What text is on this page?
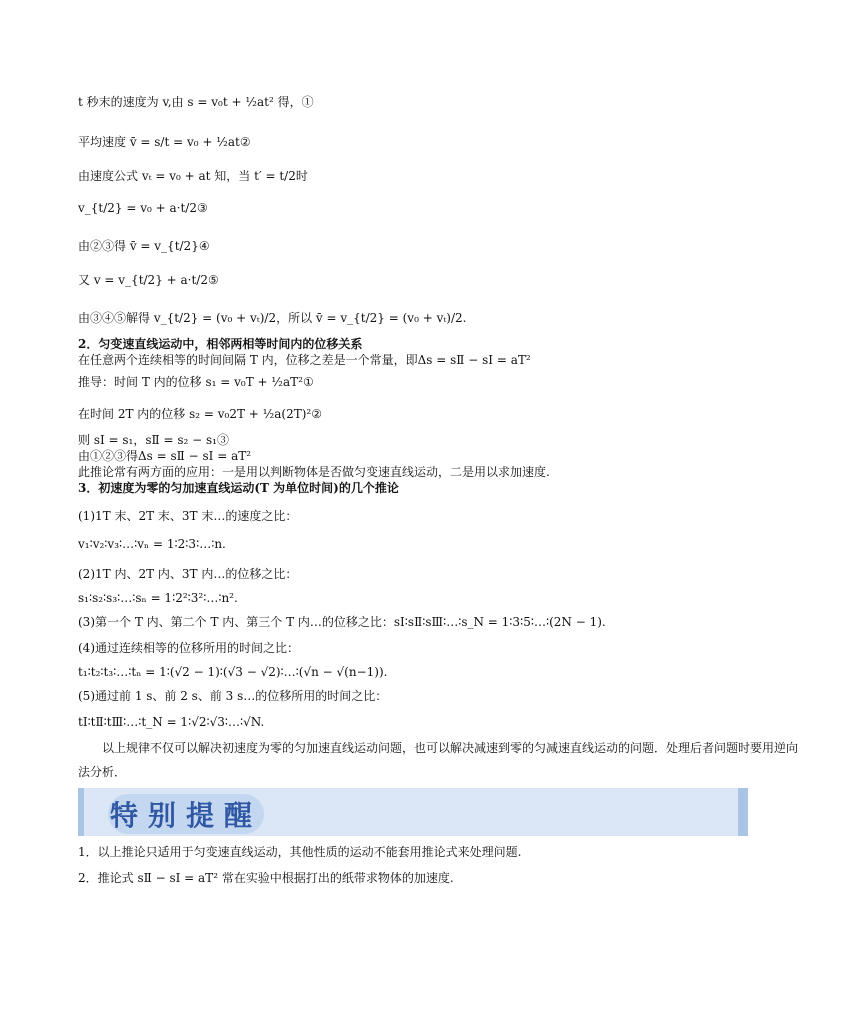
t 秒末的速度为 v,由 s = v₀t + ½at² 得，①
平均速度 v̄ = s/t = v₀ + ½at②
由速度公式 vₜ = v₀ + at 知，当 t′ = t/2时
v_{t/2} = v₀ + a·t/2③
由②③得 v̄ = v_{t/2}④
又 v = v_{t/2} + a·t/2⑤
由③④⑤解得 v_{t/2} = (v₀ + vₜ)/2，所以 v̄ = v_{t/2} = (v₀ + vₜ)/2.
2．匀变速直线运动中，相邻两相等时间内的位移关系
在任意两个连续相等的时间间隔 T 内，位移之差是一个常量，即Δs = sⅡ − sⅠ = aT²
推导：时间 T 内的位移 s₁ = v₀T + ½aT²①
在时间 2T 内的位移 s₂ = v₀2T + ½a(2T)²②
则 sⅠ = s₁，sⅡ = s₂ − s₁③
由①②③得Δs = sⅡ − sⅠ = aT²
此推论常有两方面的应用：一是用以判断物体是否做匀变速直线运动，二是用以求加速度.
3．初速度为零的匀加速直线运动(T 为单位时间)的几个推论
(1)1T 末、2T 末、3T 末…的速度之比：
v₁∶v₂∶v₃∶…∶vₙ = 1∶2∶3∶…∶n.
(2)1T 内、2T 内、3T 内…的位移之比：
s₁∶s₂∶s₃∶…∶sₙ = 1∶2²∶3²∶…∶n².
(3)第一个 T 内、第二个 T 内、第三个 T 内…的位移之比：sⅠ∶sⅡ∶sⅢ∶…∶s_N = 1∶3∶5∶…∶(2N − 1).
(4)通过连续相等的位移所用的时间之比：
t₁∶t₂∶t₃∶…∶tₙ = 1∶(√2 − 1)∶(√3 − √2)∶…∶(√n − √(n−1)).
(5)通过前 1 s、前 2 s、前 3 s…的位移所用的时间之比：
tⅠ∶tⅡ∶tⅢ∶…∶t_N = 1∶√2∶√3∶…∶√N.
以上规律不仅可以解决初速度为零的匀加速直线运动问题，也可以解决减速到零的匀减速直线运动的问题．处理后者问题时要用逆向法分析．
特别提醒
1．以上推论只适用于匀变速直线运动，其他性质的运动不能套用推论式来处理问题.
2．推论式 sⅡ − sⅠ = aT² 常在实验中根据打出的纸带求物体的加速度.
